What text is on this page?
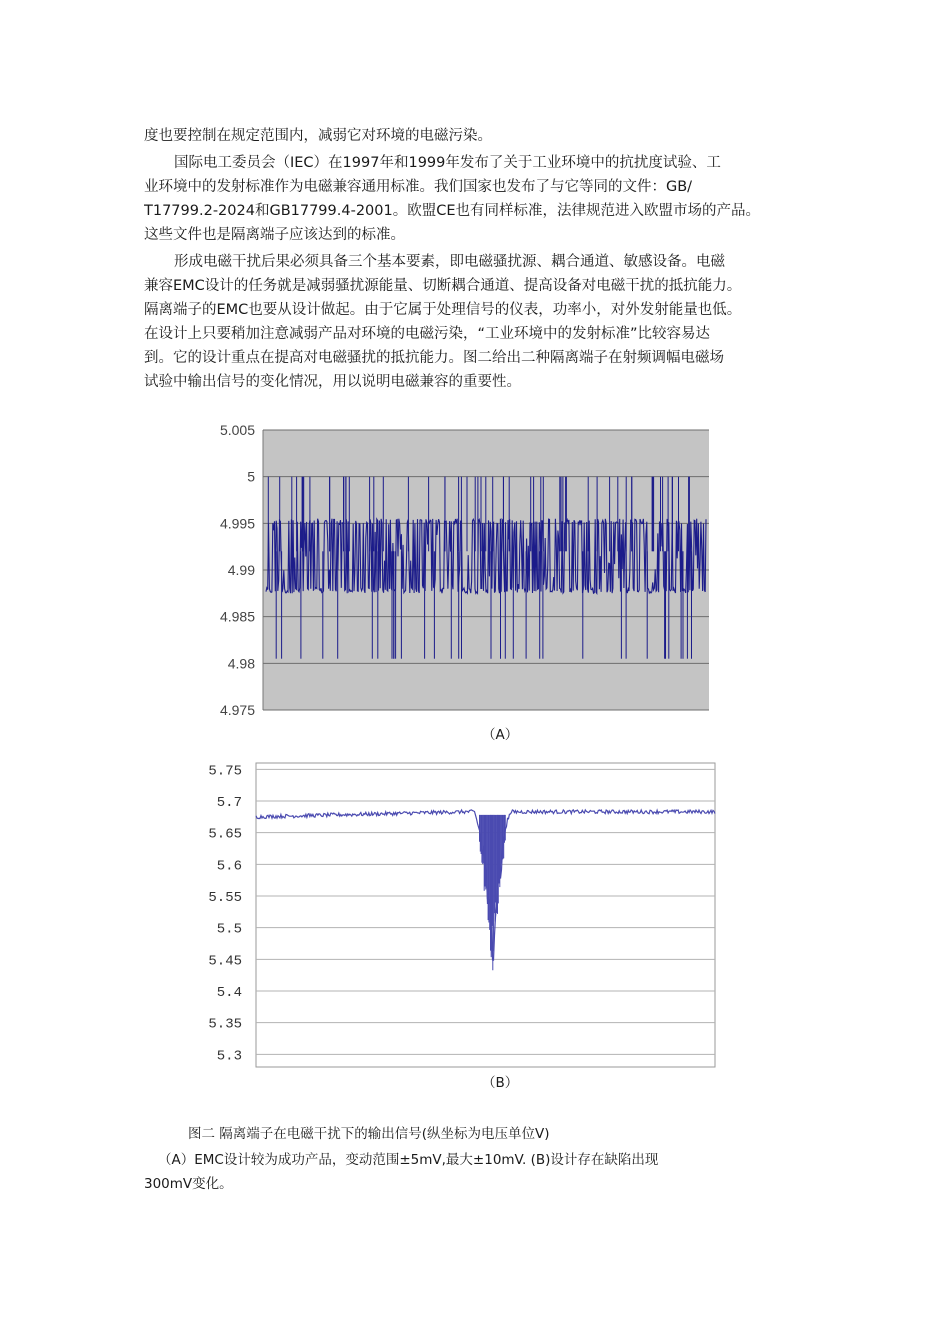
度也要控制在规定范围内，减弱它对环境的电磁污染。
国际电工委员会（IEC）在1997年和1999年发布了关于工业环境中的抗扰度试验、工
业环境中的发射标准作为电磁兼容通用标准。我们国家也发布了与它等同的文件：GB/
T17799.2-2024和GB17799.4-2001。欧盟CE也有同样标准，法律规范进入欧盟市场的产品。
这些文件也是隔离端子应该达到的标准。
形成电磁干扰后果必须具备三个基本要素，即电磁骚扰源、耦合通道、敏感设备。电磁
兼容EMC设计的任务就是减弱骚扰源能量、切断耦合通道、提高设备对电磁干扰的抵抗能力。
隔离端子的EMC也要从设计做起。由于它属于处理信号的仪表，功率小，对外发射能量也低。
在设计上只要稍加注意减弱产品对环境的电磁污染，“工业环境中的发射标准”比较容易达
到。它的设计重点在提高对电磁骚扰的抵抗能力。图二给出二种隔离端子在射频调幅电磁场
试验中输出信号的变化情况，用以说明电磁兼容的重要性。
5.005
5
4.995
4.99
4.985
4.98
4.975
（A）
5.75
5.7
5.65
5.6
5.55
5.5
5.45
5.4
5.35
5.3
（B）
图二 隔离端子在电磁干扰下的输出信号(纵坐标为电压单位V)
（A）EMC设计较为成功产品，变动范围±5mV,最大±10mV. (B)设计存在缺陷出现
300mV变化。
